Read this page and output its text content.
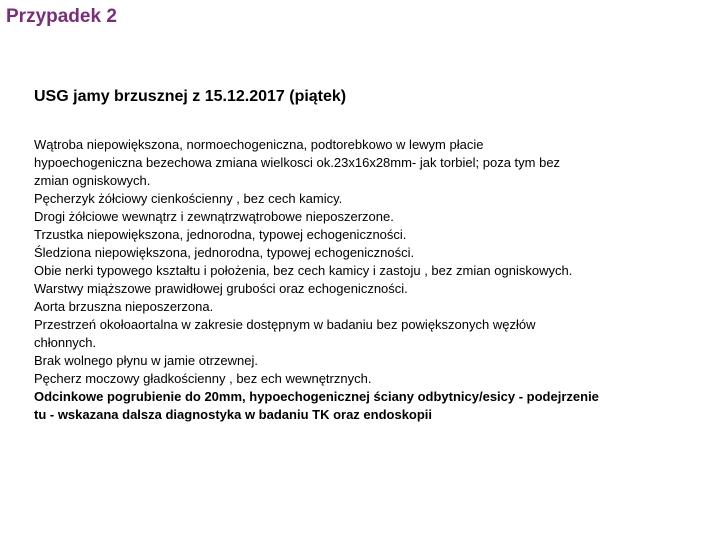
Przypadek 2
USG jamy brzusznej z 15.12.2017 (piątek)
Wątroba niepowiększona, normoechogeniczna, podtorebkowo w lewym płacie
hypoechogeniczna bezechowa zmiana wielkosci ok.23x16x28mm- jak torbiel; poza tym bez
zmian ogniskowych.
Pęcherzyk żółciowy cienkościenny , bez cech kamicy.
Drogi żółciowe wewnątrz i zewnątrzwątrobowe nieposzerzone.
Trzustka niepowiększona, jednorodna, typowej echogeniczności.
Śledziona niepowiększona, jednorodna, typowej echogeniczności.
Obie nerki typowego kształtu i położenia, bez cech kamicy i zastoju , bez zmian ogniskowych.
Warstwy miąższowe prawidłowej grubości oraz echogeniczności.
Aorta brzuszna nieposzerzona.
Przestrzeń okołoaortalna w zakresie dostępnym w badaniu bez powiększonych węzłów
chłonnych.
Brak wolnego płynu w jamie otrzewnej.
Pęcherz moczowy gładkościenny , bez ech wewnętrznych.
Odcinkowe pogrubienie do 20mm, hypoechogenicznej ściany odbytnicy/esicy - podejrzenie
tu - wskazana dalsza diagnostyka w badaniu TK oraz endoskopii
